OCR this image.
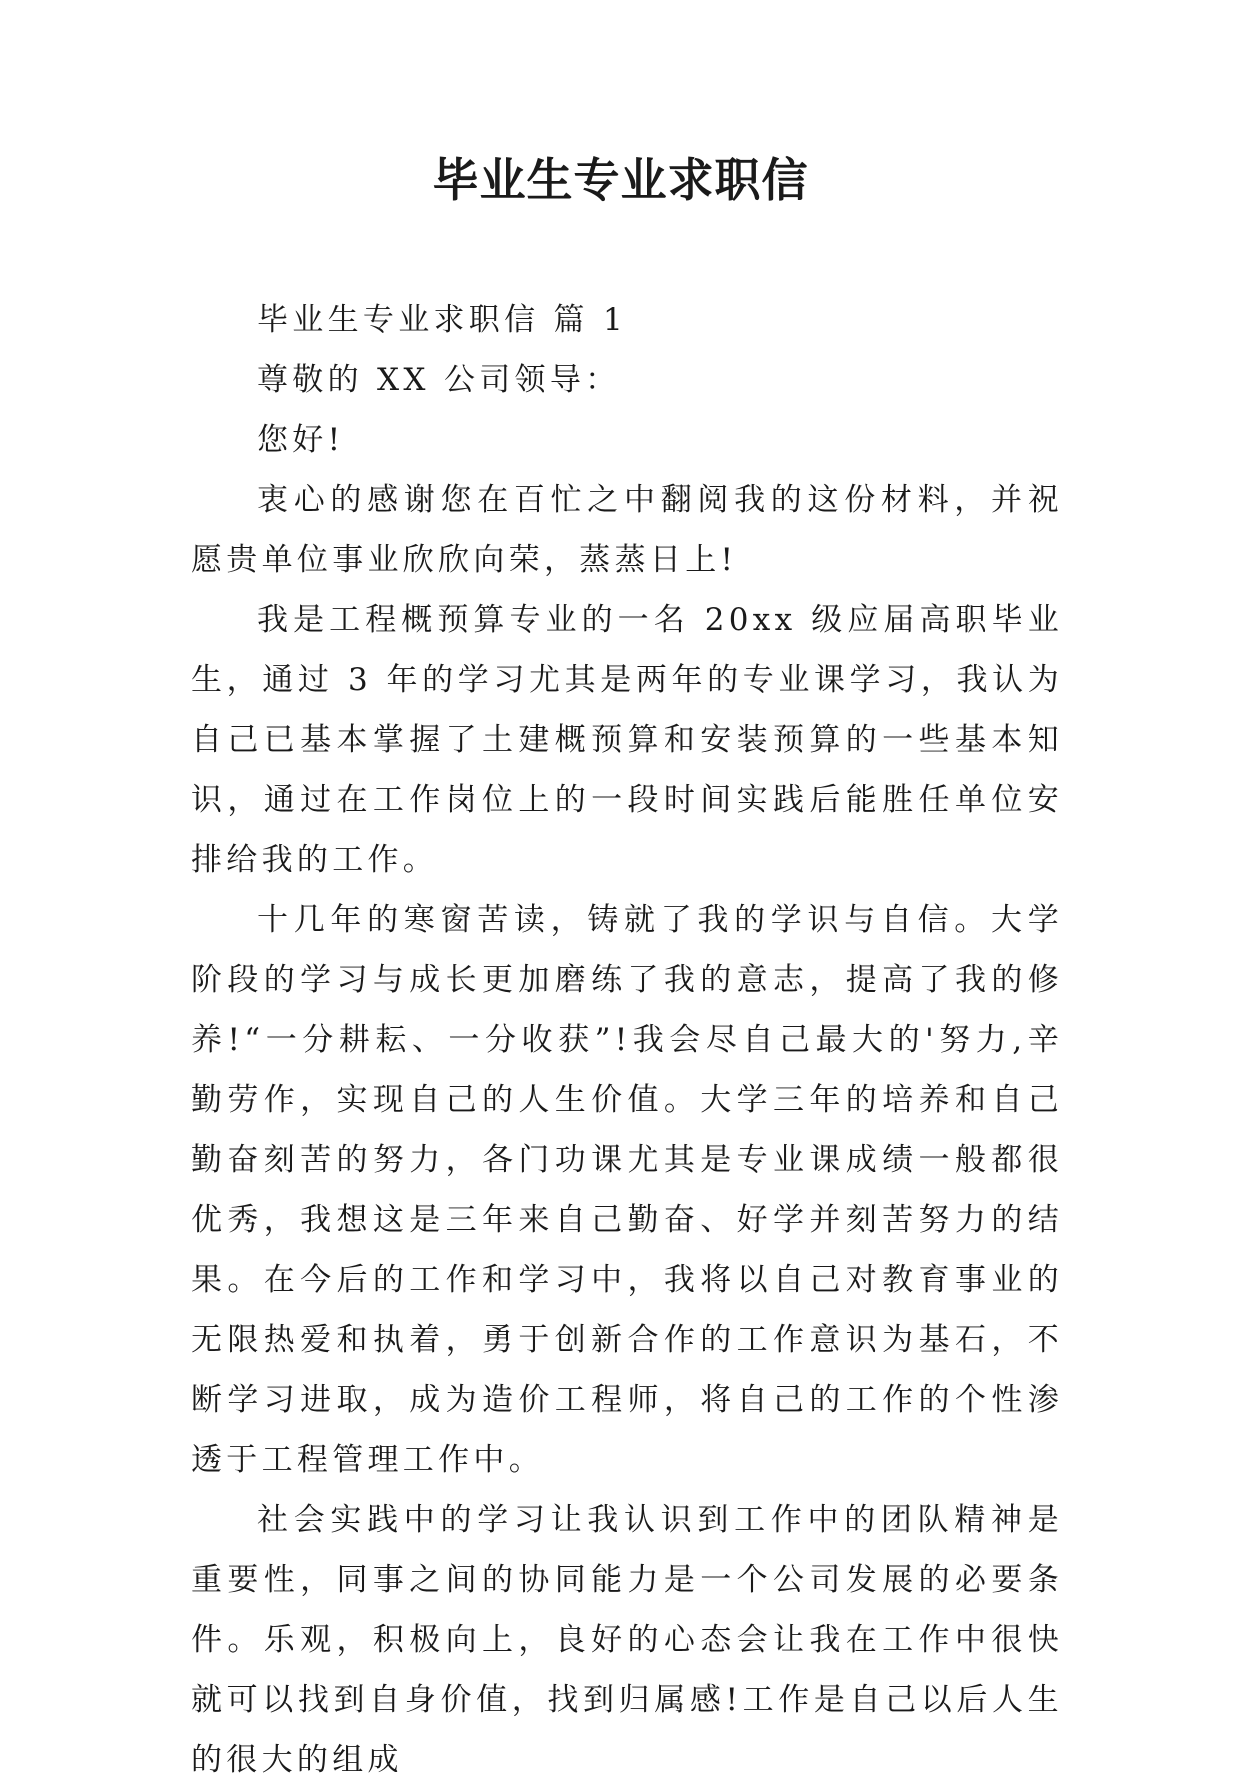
毕业生专业求职信

毕业生专业求职信 篇 1

尊敬的 XX 公司领导：

您好!

衷心的感谢您在百忙之中翻阅我的这份材料，并祝愿贵单位事业欣欣向荣，蒸蒸日上!

我是工程概预算专业的一名 20xx 级应届高职毕业生，通过 3 年的学习尤其是两年的专业课学习，我认为自己已基本掌握了土建概预算和安装预算的一些基本知识，通过在工作岗位上的一段时间实践后能胜任单位安排给我的工作。

十几年的寒窗苦读，铸就了我的学识与自信。大学阶段的学习与成长更加磨练了我的意志，提高了我的修养!“一分耕耘、一分收获”!我会尽自己最大的'努力,辛勤劳作，实现自己的人生价值。大学三年的培养和自己勤奋刻苦的努力，各门功课尤其是专业课成绩一般都很优秀，我想这是三年来自己勤奋、好学并刻苦努力的结果。在今后的工作和学习中，我将以自己对教育事业的无限热爱和执着，勇于创新合作的工作意识为基石，不断学习进取，成为造价工程师，将自己的工作的个性渗透于工程管理工作中。

社会实践中的学习让我认识到工作中的团队精神是重要性，同事之间的协同能力是一个公司发展的必要条件。乐观，积极向上，良好的心态会让我在工作中很快就可以找到自身价值，找到归属感!工作是自己以后人生的很大的组成
